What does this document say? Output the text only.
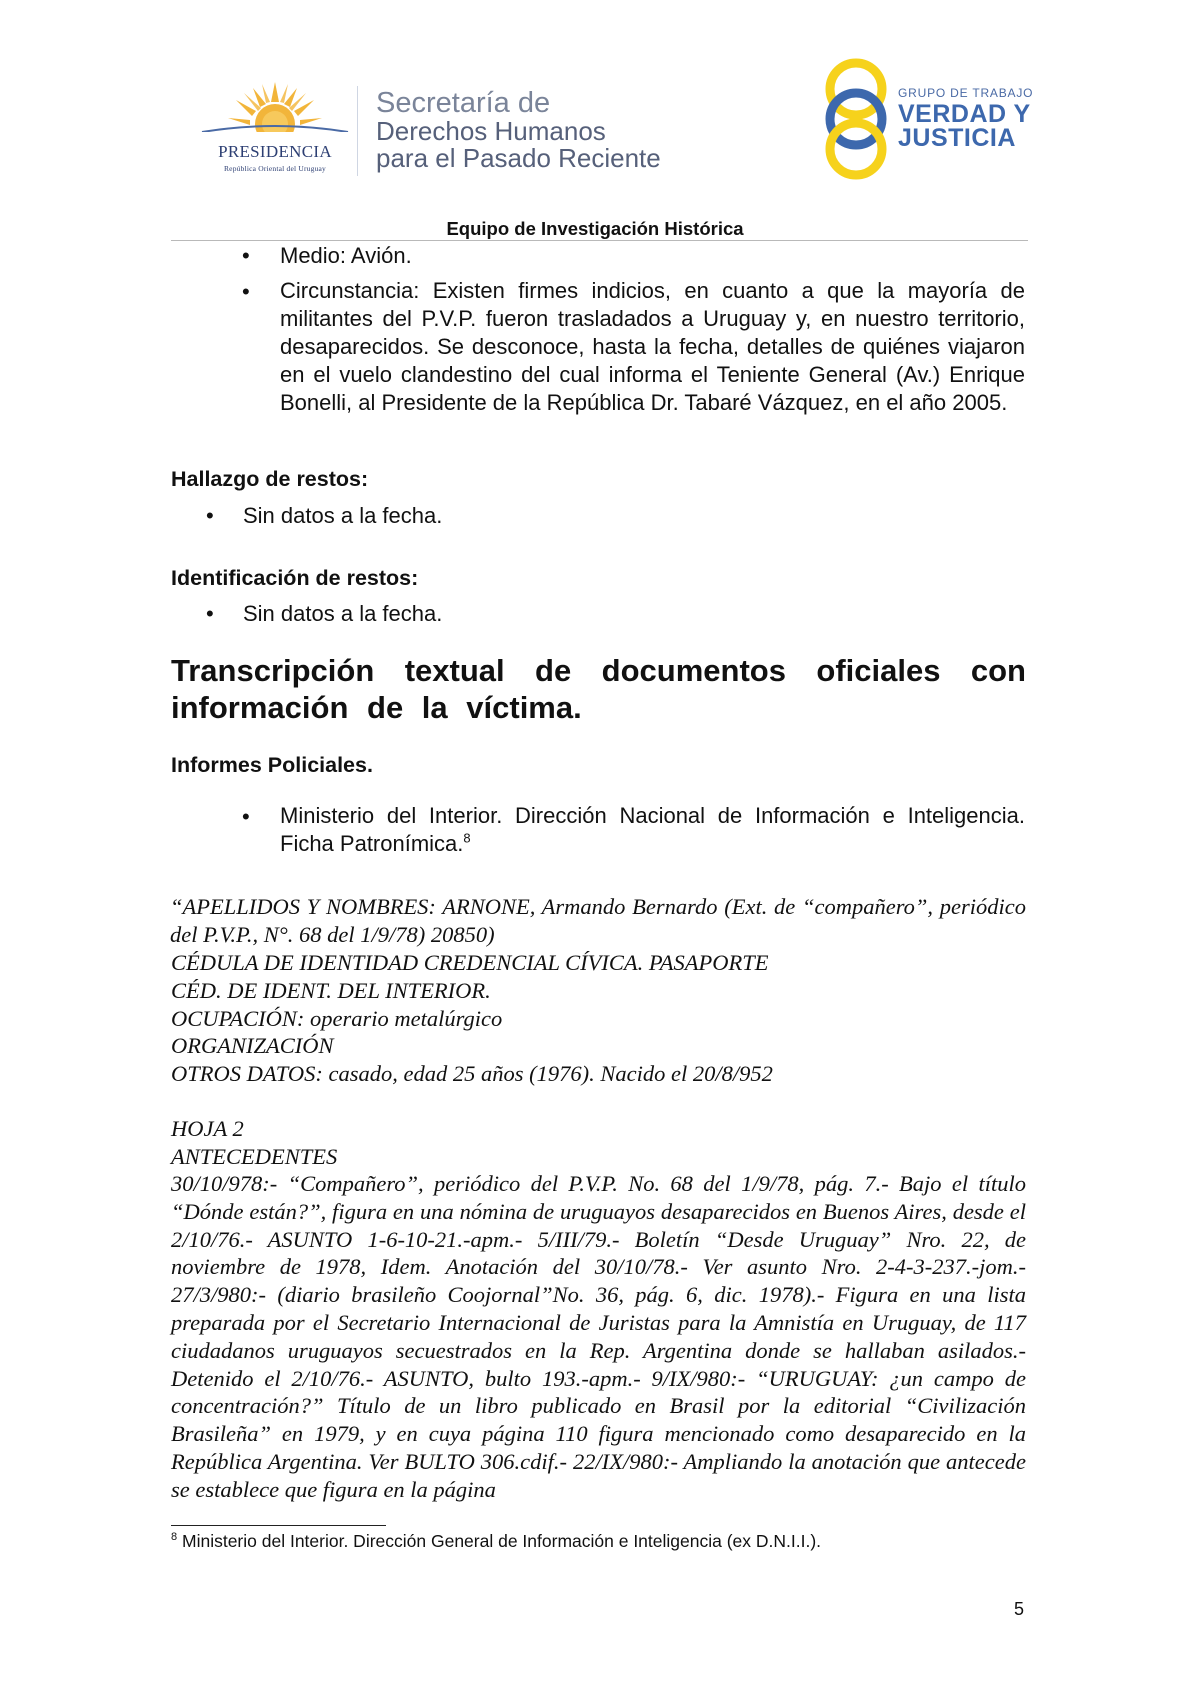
PRESIDENCIA
República Oriental del Uruguay
Secretaría de
Derechos Humanos
para el Pasado Reciente
GRUPO DE TRABAJO
VERDAD Y
JUSTICIA
Equipo de Investigación Histórica
• Medio: Avión.
• Circunstancia: Existen firmes indicios, en cuanto a que la mayoría de militantes del P.V.P. fueron trasladados a Uruguay y, en nuestro territorio, desaparecidos. Se desconoce, hasta la fecha, detalles de quiénes viajaron en el vuelo clandestino del cual informa el Teniente General (Av.) Enrique Bonelli, al Presidente de la República Dr. Tabaré Vázquez, en el año 2005.
Hallazgo de restos:
• Sin datos a la fecha.
Identificación de restos:
• Sin datos a la fecha.
Transcripción textual de documentos oficiales con información de la víctima.
Informes Policiales.
• Ministerio del Interior. Dirección Nacional de Información e Inteligencia. Ficha Patronímica.$^8$
“APELLIDOS Y NOMBRES: ARNONE, Armando Bernardo (Ext. de “compañero”, periódico del P.V.P., N°. 68 del 1/9/78) 20850)
CÉDULA DE IDENTIDAD CREDENCIAL CÍVICA. PASAPORTE
CÉD. DE IDENT. DEL INTERIOR.
OCUPACIÓN: operario metalúrgico
ORGANIZACIÓN
OTROS DATOS: casado, edad 25 años (1976). Nacido el 20/8/952
HOJA 2
ANTECEDENTES
30/10/978:- “Compañero”, periódico del P.V.P. No. 68 del 1/9/78, pág. 7.- Bajo el título “Dónde están?”, figura en una nómina de uruguayos desaparecidos en Buenos Aires, desde el 2/10/76.- ASUNTO 1-6-10-21.-apm.- 5/III/79.- Boletín “Desde Uruguay” Nro. 22, de noviembre de 1978, Idem. Anotación del 30/10/78.- Ver asunto Nro. 2-4-3-237.-jom.- 27/3/980:- (diario brasileño Coojornal”No. 36, pág. 6, dic. 1978).- Figura en una lista preparada por el Secretario Internacional de Juristas para la Amnistía en Uruguay, de 117 ciudadanos uruguayos secuestrados en la Rep. Argentina donde se hallaban asilados.- Detenido el 2/10/76.- ASUNTO, bulto 193.-apm.- 9/IX/980:- “URUGUAY: ¿un campo de concentración?” Título de un libro publicado en Brasil por la editorial “Civilización Brasileña” en 1979, y en cuya página 110 figura mencionado como desaparecido en la República Argentina. Ver BULTO 306.cdif.- 22/IX/980:- Ampliando la anotación que antecede se establece que figura en la página
$^8$ Ministerio del Interior. Dirección General de Información e Inteligencia (ex D.N.I.I.).
5
